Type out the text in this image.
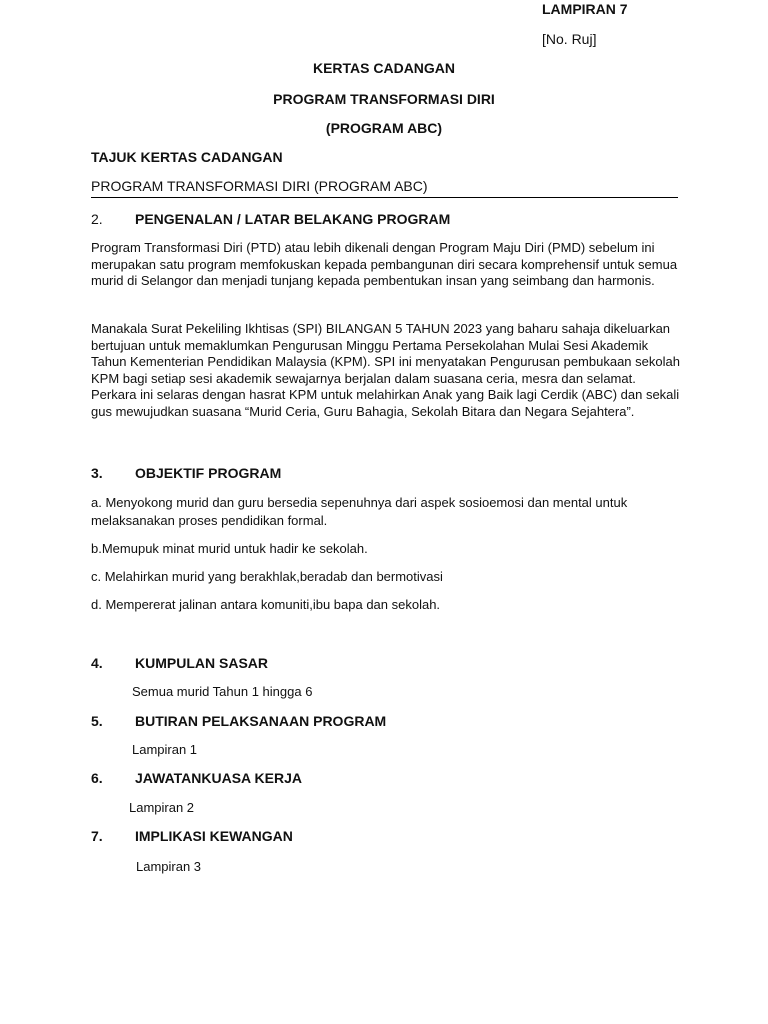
LAMPIRAN 7
[No. Ruj]
KERTAS CADANGAN
PROGRAM TRANSFORMASI DIRI
(PROGRAM ABC)
TAJUK KERTAS CADANGAN
PROGRAM TRANSFORMASI DIRI (PROGRAM ABC)
2. PENGENALAN / LATAR BELAKANG PROGRAM

Program Transformasi Diri (PTD) atau lebih dikenali dengan Program Maju Diri (PMD) sebelum ini merupakan satu program memfokuskan kepada pembangunan diri secara komprehensif untuk semua murid di Selangor dan menjadi tunjang kepada pembentukan insan yang seimbang dan harmonis.

Manakala Surat Pekeliling Ikhtisas (SPI) BILANGAN 5 TAHUN 2023 yang baharu sahaja dikeluarkan bertujuan untuk memaklumkan Pengurusan Minggu Pertama Persekolahan Mulai Sesi Akademik Tahun Kementerian Pendidikan Malaysia (KPM). SPI ini menyatakan Pengurusan pembukaan sekolah KPM bagi setiap sesi akademik sewajarnya berjalan dalam suasana ceria, mesra dan selamat. Perkara ini selaras dengan hasrat KPM untuk melahirkan Anak yang Baik lagi Cerdik (ABC) dan sekali gus mewujudkan suasana “Murid Ceria, Guru Bahagia, Sekolah Bitara dan Negara Sejahtera”.

3. OBJEKTIF PROGRAM
a. Menyokong murid dan guru bersedia sepenuhnya dari aspek sosioemosi dan mental untuk melaksanakan proses pendidikan formal.
b.Memupuk minat murid untuk hadir ke sekolah.
c. Melahirkan murid yang berakhlak,beradab dan bermotivasi
d. Mempererat jalinan antara komuniti,ibu bapa dan sekolah.
4. KUMPULAN SASAR
Semua murid Tahun 1 hingga 6
5. BUTIRAN PELAKSANAAN PROGRAM
Lampiran 1
6. JAWATANKUASA KERJA
Lampiran 2
7. IMPLIKASI KEWANGAN
Lampiran 3
